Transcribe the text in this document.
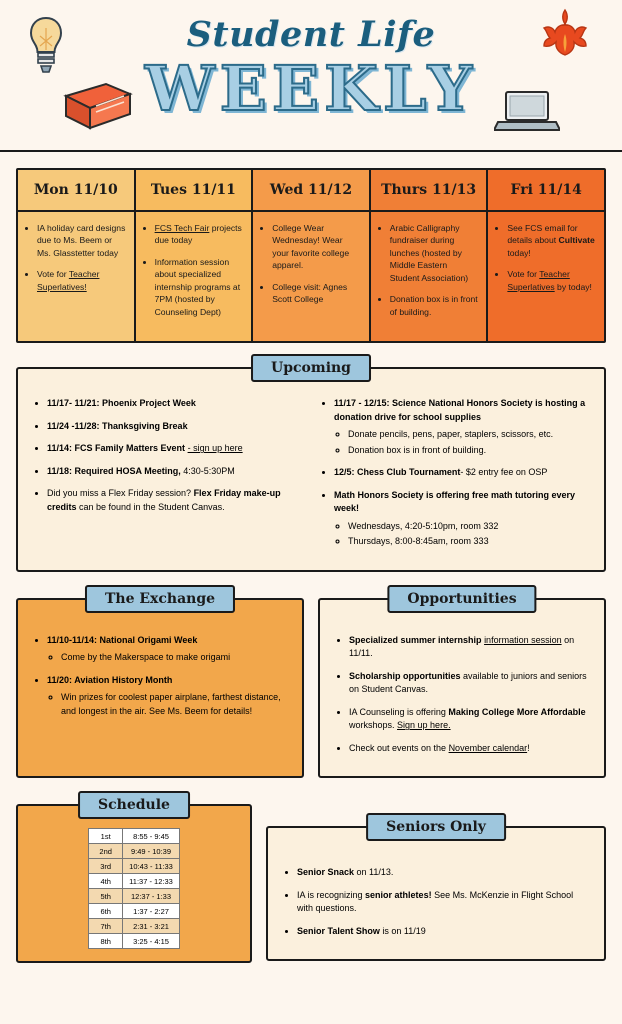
Student Life
WEEKLY
Mon 11/10
• IA holiday card designs due to Ms. Beem or Ms. Glasstetter today
• Vote for Teacher Superlatives!
Tues 11/11
• FCS Tech Fair projects due today
• Information session about specialized internship programs at 7PM (hosted by Counseling Dept)
Wed 11/12
• College Wear Wednesday! Wear your favorite college apparel.
• College visit: Agnes Scott College
Thurs 11/13
• Arabic Calligraphy fundraiser during lunches (hosted by Middle Eastern Student Association)
• Donation box is in front of building.
Fri 11/14
• See FCS email for details about Cultivate today!
• Vote for Teacher Superlatives by today!
Upcoming
• 11/17- 11/21: Phoenix Project Week
• 11/24 -11/28: Thanksgiving Break
• 11/14: FCS Family Matters Event - sign up here
• 11/18: Required HOSA Meeting, 4:30-5:30PM
• Did you miss a Flex Friday session? Flex Friday make-up credits can be found in the Student Canvas.
• 11/17 - 12/15: Science National Honors Society is hosting a donation drive for school supplies
◦ Donate pencils, pens, paper, staplers, scissors, etc.
◦ Donation box is in front of building.
• 12/5: Chess Club Tournament- $2 entry fee on OSP
• Math Honors Society is offering free math tutoring every week!
◦ Wednesdays, 4:20-5:10pm, room 332
◦ Thursdays, 8:00-8:45am, room 333
The Exchange
• 11/10-11/14: National Origami Week
◦ Come by the Makerspace to make origami
• 11/20: Aviation History Month
◦ Win prizes for coolest paper airplane, farthest distance, and longest in the air. See Ms. Beem for details!
Opportunities
• Specialized summer internship information session on 11/11.
• Scholarship opportunities available to juniors and seniors on Student Canvas.
• IA Counseling is offering Making College More Affordable workshops. Sign up here.
• Check out events on the November calendar!
Schedule
1st	8:55 - 9:45
2nd	9:49 - 10:39
3rd	10:43 - 11:33
4th	11:37 - 12:33
5th	12:37 - 1:33
6th	1:37 - 2:27
7th	2:31 - 3:21
8th	3:25 - 4:15
Seniors Only
• Senior Snack on 11/13.
• IA is recognizing senior athletes! See Ms. McKenzie in Flight School with questions.
• Senior Talent Show is on 11/19
